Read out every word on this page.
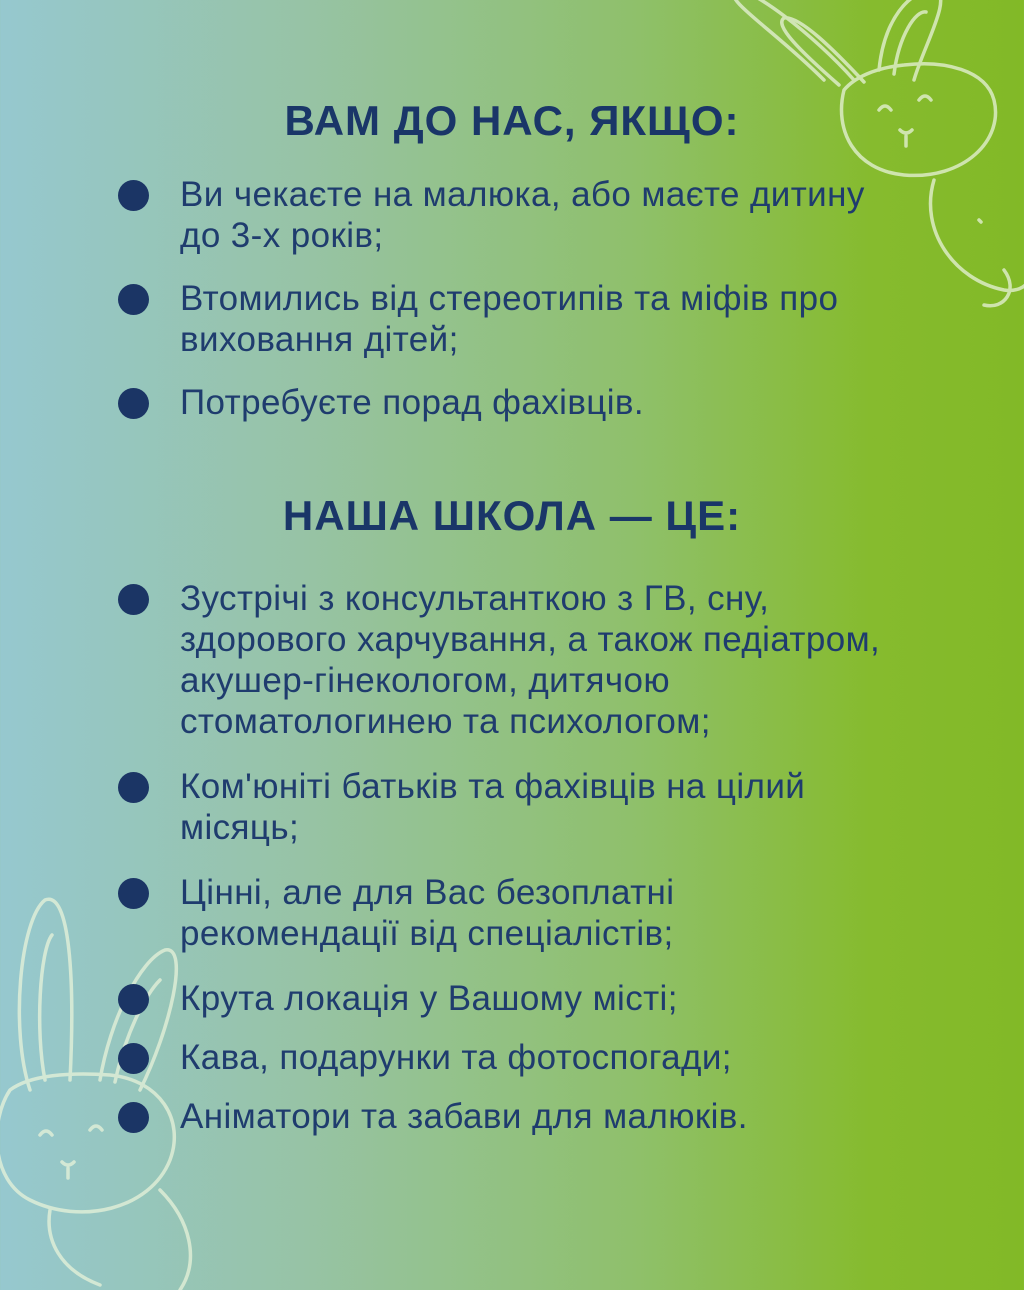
ВАМ ДО НАС, ЯКЩО:
Ви чекаєте на малюка, або маєте дитину до 3-х років;
Втомились від стереотипів та міфів про виховання дітей;
Потребуєте порад фахівців.
НАША ШКОЛА — ЦЕ:
Зустрічі з консультанткою з ГВ, сну, здорового харчування, а також педіатром, акушер-гінекологом, дитячою стоматологинею та психологом;
Ком'юніті батьків та фахівців на цілий місяць;
Цінні, але для Вас безоплатні рекомендації від спеціалістів;
Крута локація у Вашому місті;
Кава, подарунки та фотоспогади;
Аніматори та забави для малюків.
